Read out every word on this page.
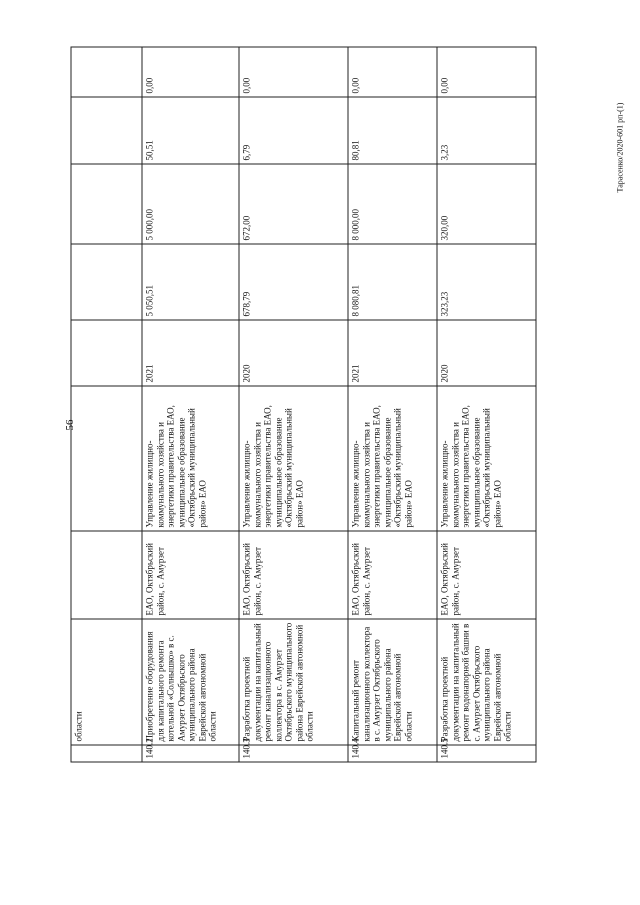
56
Тарасенко/2020-601 рп-(1)
	области							
140.2	Приобретение оборудования для капитального ремонта котельной «Солнышко» в с. Амурзет Октябрьского муниципального района Еврейской автономной области	ЕАО, Октябрьский район, с. Амурзет	Управление жилищно-коммунального хозяйства и энергетики правительства ЕАО, муниципальное образование «Октябрьский муниципальный район» ЕАО	2021	5 050,51	5 000,00	50,51	0,00
140.3	Разработка проектной документации на капитальный ремонт канализационного коллектора в с. Амурзет Октябрьского муниципального района Еврейской автономной области	ЕАО, Октябрьский район, с. Амурзет	Управление жилищно-коммунального хозяйства и энергетики правительства ЕАО, муниципальное образование «Октябрьский муниципальный район» ЕАО	2020	678,79	672,00	6,79	0,00
140.4	Капитальный ремонт канализационного коллектора в с. Амурзет Октябрьского муниципального района Еврейской автономной области	ЕАО, Октябрьский район, с. Амурзет	Управление жилищно-коммунального хозяйства и энергетики правительства ЕАО, муниципальное образование «Октябрьский муниципальный район» ЕАО	2021	8 080,81	8 000,00	80,81	0,00
140.5	Разработка проектной документации на капитальный ремонт водонапорной башни в с. Амурзет Октябрьского муниципального района Еврейской автономной области	ЕАО, Октябрьский район, с. Амурзет	Управление жилищно-коммунального хозяйства и энергетики правительства ЕАО, муниципальное образование «Октябрьский муниципальный район» ЕАО	2020	323,23	320,00	3,23	0,00
